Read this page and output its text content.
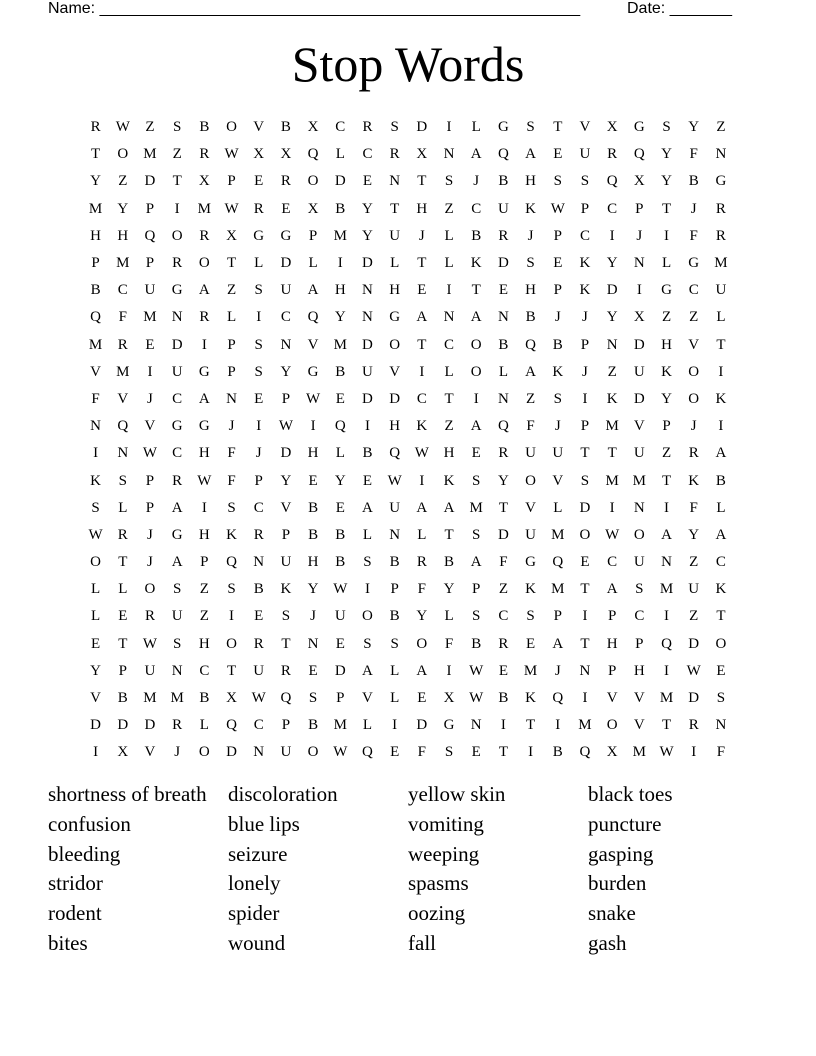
Name: ______________________________________________________	Date: _______
Stop Words
R	W	Z	S	B	O	V	B	X	C	R	S	D	I	L	G	S	T	V	X	G	S	Y	Z
T	O	M	Z	R	W X	X	Q	L	C	R	X	N	A	Q	A	E	U	R	Q	Y	F	N
Y	Z	D	T	X	P	E	R	O	D	E	N	T	S	J	B	H	S	S	Q	X	Y	B	G
M	Y	P	I	M W	R	E	X	B	Y	T	H	Z	C	U	K W	P	C	P	T	J	R
H	H	Q	O	R	X	G	G	P	M	Y	U	J	L	B	R	J	P	C	I	J	I	F	R
P	M	P	R	O	T	L	D	L	I	D	L	T	L	K	D	S	E	K	Y	N	L	G	M
B	C	U	G	A	Z	S	U	A	H	N	H	E	I	T	E	H	P	K	D	I	G	C	U
Q	F	M	N	R	L	I	C	Q	Y	N	G	A	N	A	N	B	J	J	Y	X	Z	Z	L
M	R	E	D	I	P	S	N	V	M	D	O	T	C	O	B	Q	B	P	N	D	H	V	T
V	M	I	U	G	P	S	Y	G	B	U	V	I	L	O	L	A	K	J	Z	U	K	O	I
F	V	J	C	A	N	E	P	W	E	D	D	C	T	I	N	Z	S	I	K	D	Y	O	K
N	Q	V	G	G	J	I	W	I	Q	I	H	K	Z	A	Q	F	J	P	M	V	P	J	I
I	N W	C	H	F	J	D	H	L	B	Q W H	E	R	U	U	T	T	U	Z	R	A
K	S	P	R	W	F	P	Y	E	Y	E	W	I	K	S	Y	O	V	S	M M	T	K	B
S	L	P	A	I	S	C	V	B	E	A	U	A	A	M	T	V	L	D	I	N	I	F	L
W	R	J	G	H	K	R	P	B	B	L	N	L	T	S	D	U	M	O W O	A	Y	A
O	T	J	A	P	Q	N	U	H	B	S	B	R	B	A	F	G	Q	E	C	U	N	Z	C
L	L	O	S	Z	S	B	K	Y W	I	P	F	Y	P	Z	K	M	T	A	S	M	U	K
L	E	R	U	Z	I	E	S	J	U	O	B	Y	L	S	C	S	P	I	P	C	I	Z	T
E	T	W	S	H	O	R	T	N	E	S	S	O	F	B	R	E	A	T	H	P	Q	D	O
Y	P	U	N	C	T	U	R	E	D	A	L	A	I	W	E	M	J	N	P	H	I	W	E
V	B	M M	B	X W Q	S	P	V	L	E	X W	B	K	Q	I	V	V	M	D	S
D	D	D	R	L	Q	C	P	B	M	L	I	D	G	N	I	T	I	M	O	V	T	R	N
I	X	V	J	O	D	N	U	O W Q	E	F	S	E	T	I	B	Q	X	M W	I	F
shortness of breath	discoloration	yellow skin	black toes
confusion	blue lips	vomiting	puncture
bleeding	seizure	weeping	gasping
stridor	lonely	spasms	burden
rodent	spider	oozing	snake
bites	wound	fall	gash
